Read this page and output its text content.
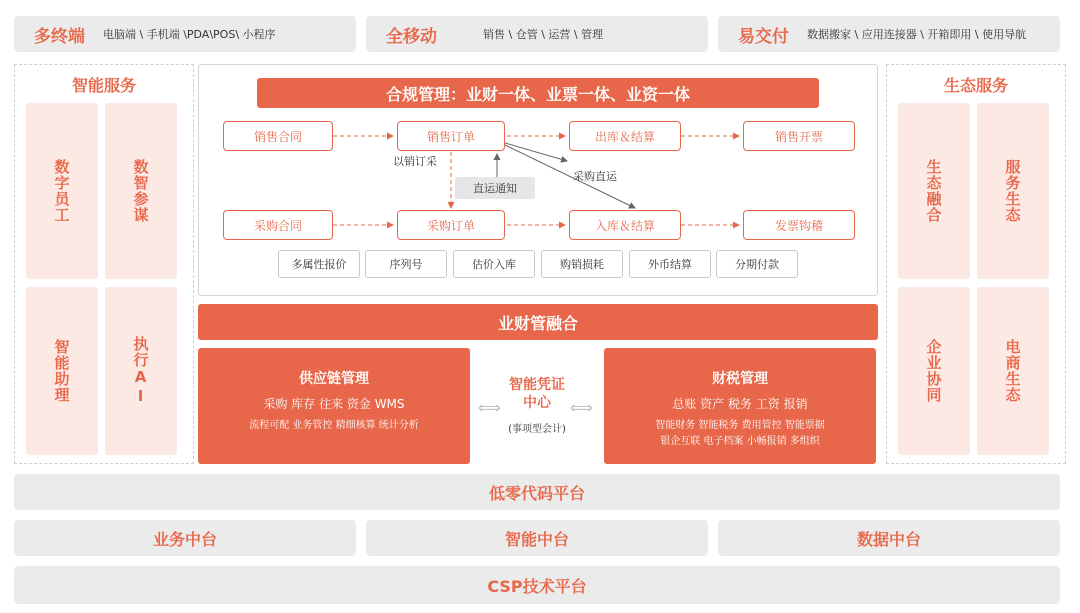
多终端 电脑端 \ 手机端 \PDA\POS\ 小程序	全移动	销售 \ 仓管 \ 运营 \ 管理	易交付 数据搬家 \ 应用连接器 \ 开箱即用 \ 使用导航
智能服务
数字员工	数智参谋
智能助理	执行AI
生态服务
生态融合	服务生态
企业协同	电商生态
合规管理：业财一体、业票一体、业资一体
销售合同	销售订单	出库＆结算	销售开票
采购合同	采购订单	入库＆结算	发票钩稽
以销订采
直运通知
采购直运
多属性报价	序列号	估价入库	购销损耗	外币结算	分期付款
业财管融合
供应链管理
采购 库存 往来 资金 WMS
流程可配 业务管控 精细核算 统计分析
⟺	⟺
智能凭证
中心
(事项型会计)
财税管理
总账 资产 税务 工资 报销
智能财务 智能税务 费用管控 智能票据
银企互联 电子档案 小畅报销 多组织
低零代码平台
业务中台	智能中台	数据中台
CSP技术平台
